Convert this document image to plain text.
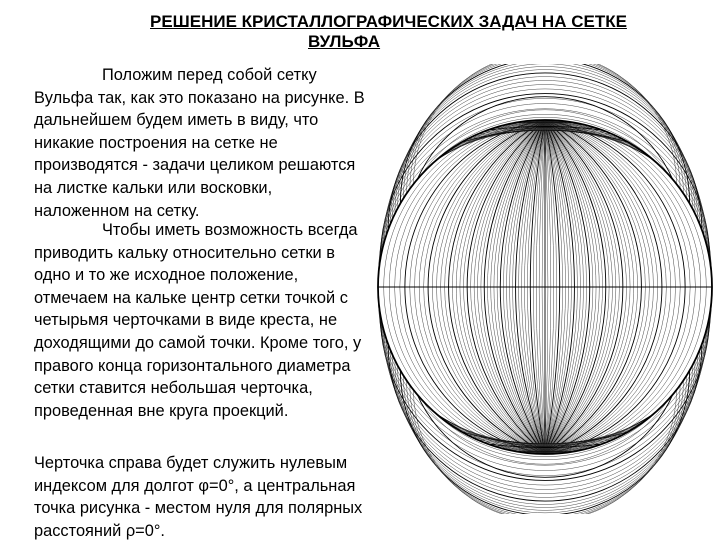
РЕШЕНИЕ КРИСТАЛЛОГРАФИЧЕСКИХ ЗАДАЧ НА СЕТКЕ
ВУЛЬФА

Положим перед собой сетку Вульфа так, как это показано на рисунке. В дальнейшем будем иметь в виду, что никакие построения на сетке не производятся - задачи целиком решаются на листке кальки или восковки, наложенном на сетку.

Чтобы иметь возможность всегда приводить кальку относительно сетки в одно и то же исходное положение, отмечаем на кальке центр сетки точкой с четырьмя черточками в виде креста, не доходящими до самой точки. Кроме того, у правого конца горизонтального диаметра сетки ставится небольшая черточка, проведенная вне круга проекций.

Черточка справа будет служить нулевым индексом для долгот φ=0°, а центральная точка рисунка - местом нуля для полярных расстояний ρ=0°.
